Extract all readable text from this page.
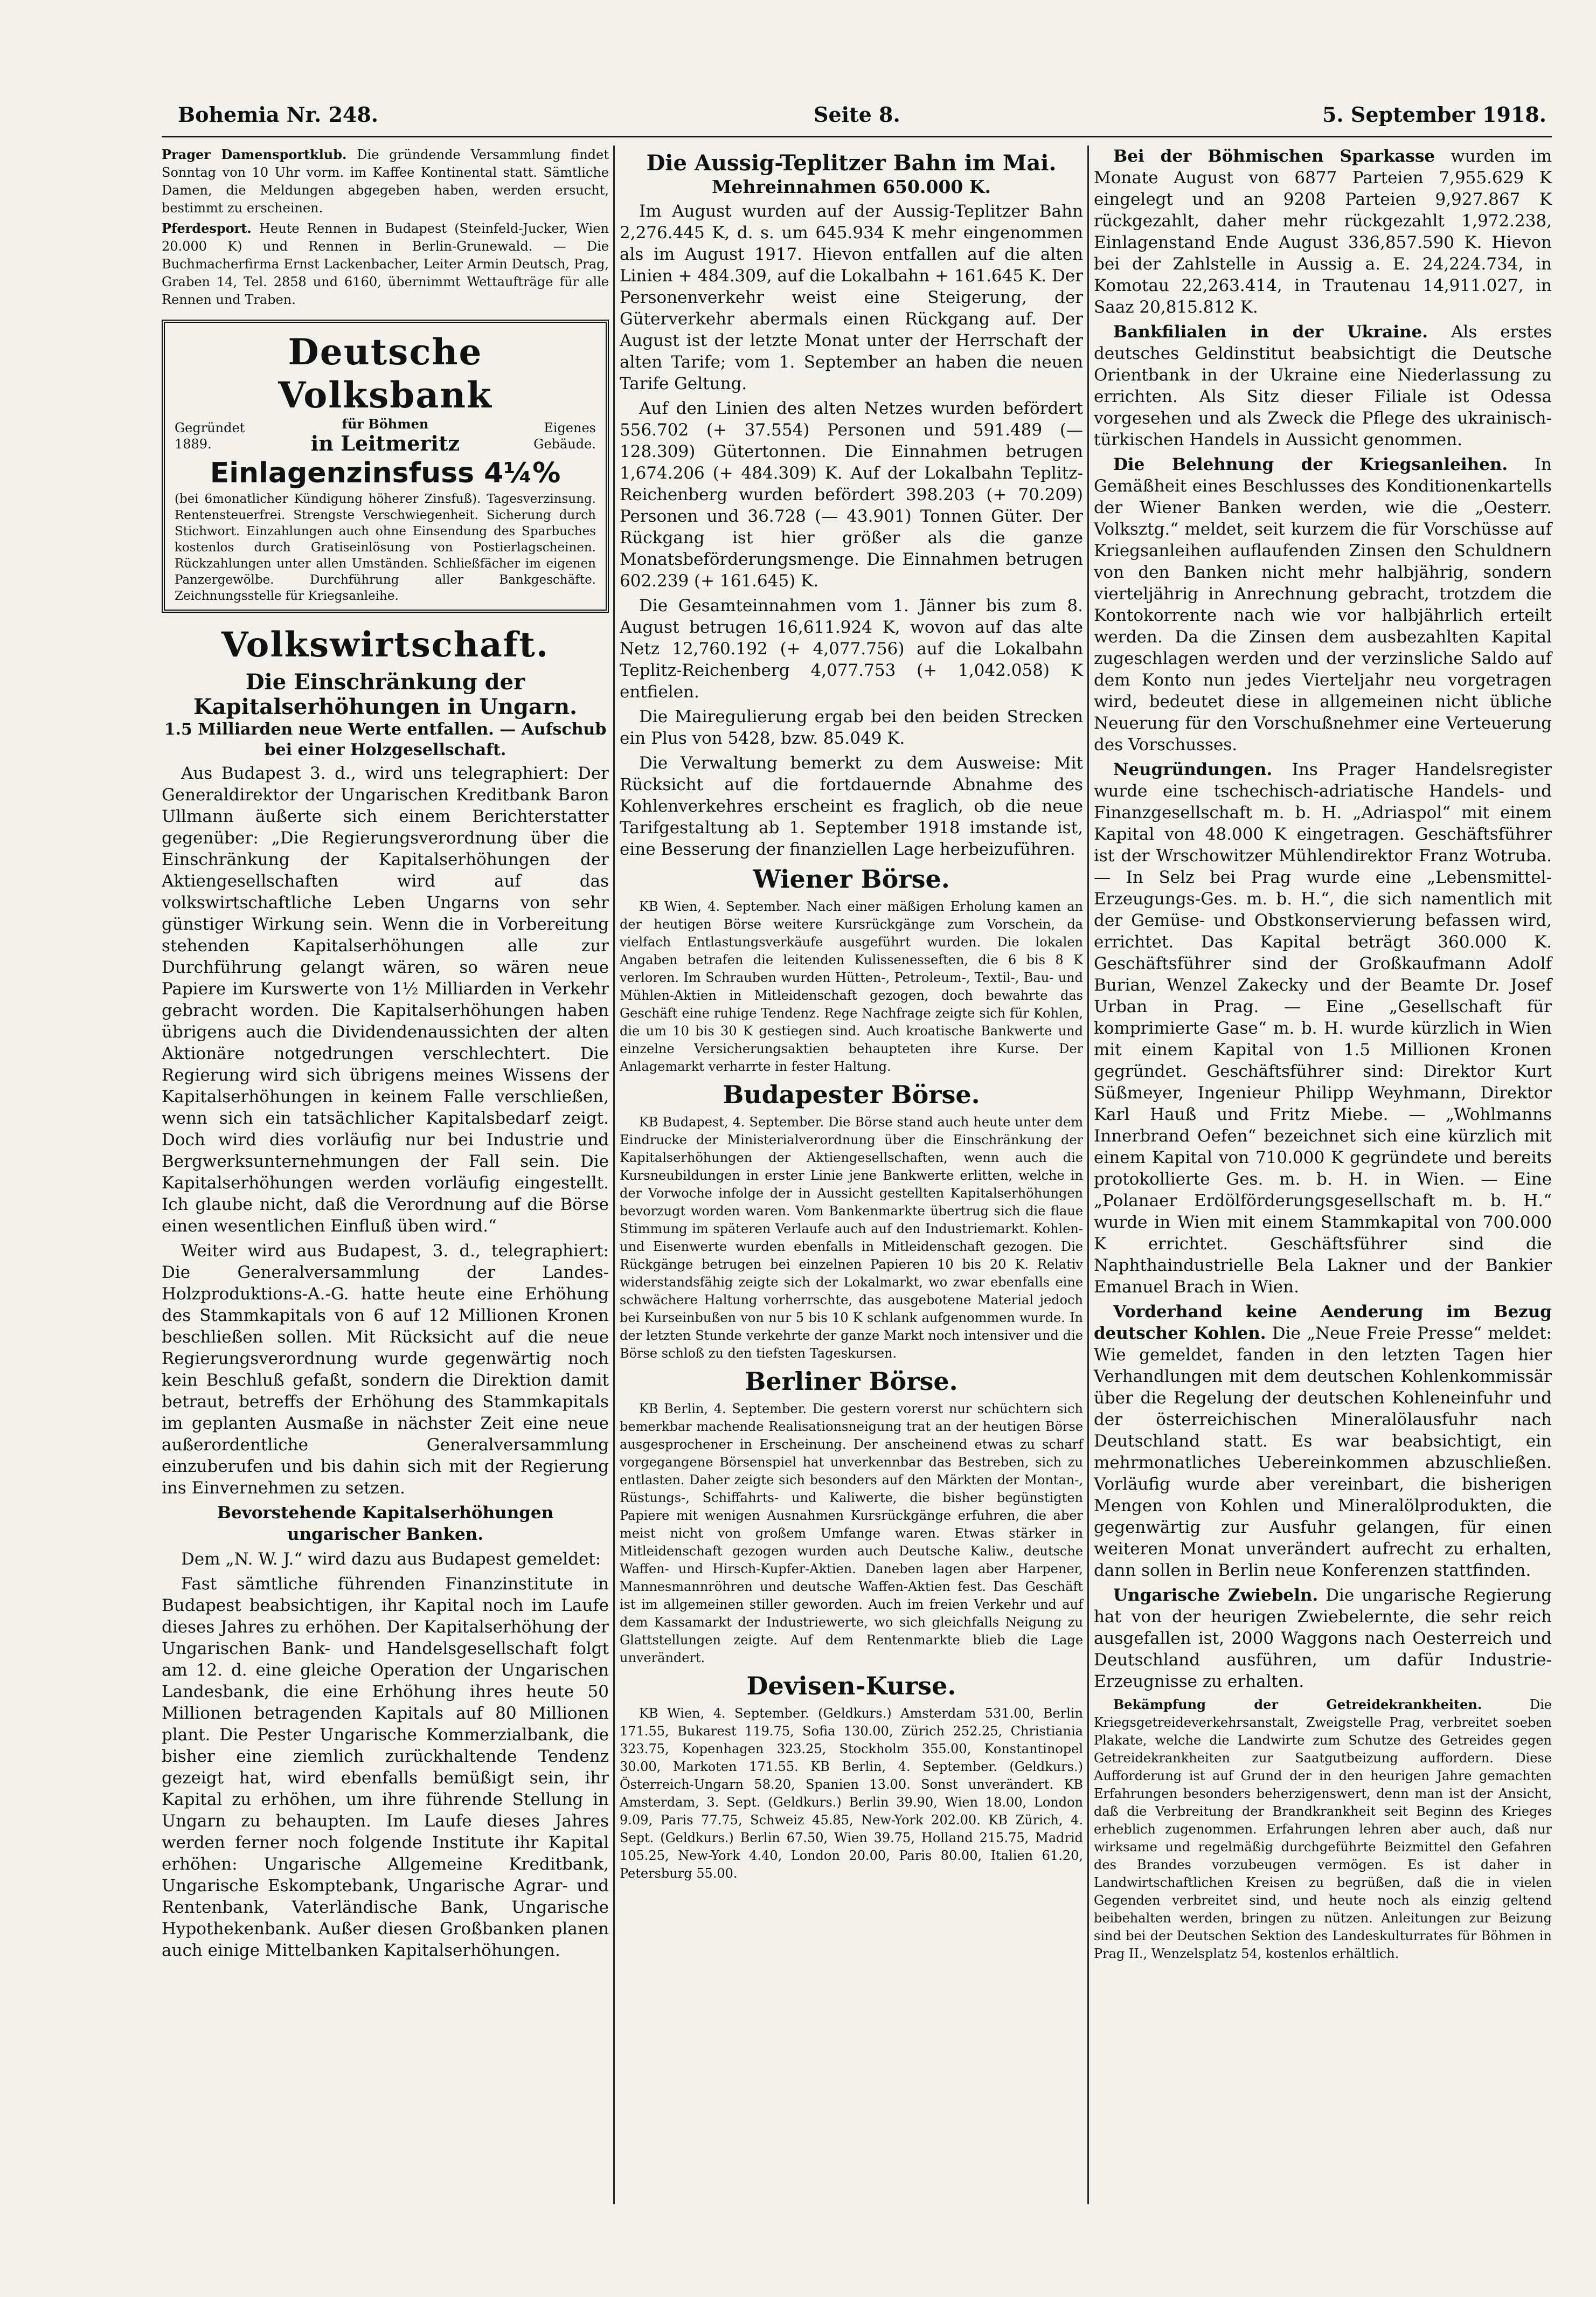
Bohemia Nr. 248.	Seite 8.	5. September 1918.

Prager Damensportklub. Die gründende Versammlung findet Sonntag von 10 Uhr vorm. im Kaffee Kontinental statt. Sämtliche Damen, die Meldungen abgegeben haben, werden ersucht, bestimmt zu erscheinen.

Pferdesport. Heute Rennen in Budapest (Steinfeld-Jucker, Wien 20.000 K) und Rennen in Berlin-Grunewald. — Die Buchmacherfirma Ernst Lackenbacher, Leiter Armin Deutsch, Prag, Graben 14, Tel. 2858 und 6160, übernimmt Wettaufträge für alle Rennen und Traben.

Deutsche Volksbank
Gegründet 1889.
für Böhmen
in Leitmeritz
Eigenes Gebäude.
Einlagenzinsfuss 4¼%
(bei 6monatlicher Kündigung höherer Zinsfuß). Tagesverzinsung. Rentensteuerfrei. Strengste Verschwiegenheit. Sicherung durch Stichwort. Einzahlungen auch ohne Einsendung des Sparbuches kostenlos durch Gratiseinlösung von Postierlagscheinen. Rückzahlungen unter allen Umständen. Schließfächer im eigenen Panzergewölbe. Durchführung aller Bankgeschäfte. Zeichnungsstelle für Kriegsanleihe.
Volkswirtschaft.
Die Einschränkung der Kapitalserhöhungen in Ungarn.
1.5 Milliarden neue Werte entfallen. — Aufschub bei einer Holzgesellschaft.

Aus Budapest 3. d., wird uns telegraphiert: Der Generaldirektor der Ungarischen Kreditbank Baron Ullmann äußerte sich einem Berichterstatter gegenüber: „Die Regierungsverordnung über die Einschränkung der Kapitalserhöhungen der Aktiengesellschaften wird auf das volkswirtschaftliche Leben Ungarns von sehr günstiger Wirkung sein. Wenn die in Vorbereitung stehenden Kapitalserhöhungen alle zur Durchführung gelangt wären, so wären neue Papiere im Kurswerte von 1½ Milliarden in Verkehr gebracht worden. Die Kapitalserhöhungen haben übrigens auch die Dividendenaussichten der alten Aktionäre notgedrungen verschlechtert. Die Regierung wird sich übrigens meines Wissens der Kapitalserhöhungen in keinem Falle verschließen, wenn sich ein tatsächlicher Kapitalsbedarf zeigt. Doch wird dies vorläufig nur bei Industrie und Bergwerksunternehmungen der Fall sein. Die Kapitalserhöhungen werden vorläufig eingestellt. Ich glaube nicht, daß die Verordnung auf die Börse einen wesentlichen Einfluß üben wird.“

Weiter wird aus Budapest, 3. d., telegraphiert: Die Generalversammlung der Landes-Holzproduktions-A.-G. hatte heute eine Erhöhung des Stammkapitals von 6 auf 12 Millionen Kronen beschließen sollen. Mit Rücksicht auf die neue Regierungsverordnung wurde gegenwärtig noch kein Beschluß gefaßt, sondern die Direktion damit betraut, betreffs der Erhöhung des Stammkapitals im geplanten Ausmaße in nächster Zeit eine neue außerordentliche Generalversammlung einzuberufen und bis dahin sich mit der Regierung ins Einvernehmen zu setzen.

Bevorstehende Kapitalserhöhungen ungarischer Banken.

Dem „N. W. J.“ wird dazu aus Budapest gemeldet:

Fast sämtliche führenden Finanzinstitute in Budapest beabsichtigen, ihr Kapital noch im Laufe dieses Jahres zu erhöhen. Der Kapitalserhöhung der Ungarischen Bank- und Handelsgesellschaft folgt am 12. d. eine gleiche Operation der Ungarischen Landesbank, die eine Erhöhung ihres heute 50 Millionen betragenden Kapitals auf 80 Millionen plant. Die Pester Ungarische Kommerzialbank, die bisher eine ziemlich zurückhaltende Tendenz gezeigt hat, wird ebenfalls bemüßigt sein, ihr Kapital zu erhöhen, um ihre führende Stellung in Ungarn zu behaupten. Im Laufe dieses Jahres werden ferner noch folgende Institute ihr Kapital erhöhen: Ungarische Allgemeine Kreditbank, Ungarische Eskomptebank, Ungarische Agrar- und Rentenbank, Vaterländische Bank, Ungarische Hypothekenbank. Außer diesen Großbanken planen auch einige Mittelbanken Kapitalserhöhungen.

Die Aussig-Teplitzer Bahn im Mai.
Mehreinnahmen 650.000 K.

Im August wurden auf der Aussig-Teplitzer Bahn 2,276.445 K, d. s. um 645.934 K mehr eingenommen als im August 1917. Hievon entfallen auf die alten Linien + 484.309, auf die Lokalbahn + 161.645 K. Der Personenverkehr weist eine Steigerung, der Güterverkehr abermals einen Rückgang auf. Der August ist der letzte Monat unter der Herrschaft der alten Tarife; vom 1. September an haben die neuen Tarife Geltung.

Auf den Linien des alten Netzes wurden befördert 556.702 (+ 37.554) Personen und 591.489 (— 128.309) Gütertonnen. Die Einnahmen betrugen 1,674.206 (+ 484.309) K. Auf der Lokalbahn Teplitz-Reichenberg wurden befördert 398.203 (+ 70.209) Personen und 36.728 (— 43.901) Tonnen Güter. Der Rückgang ist hier größer als die ganze Monatsbeförderungsmenge. Die Einnahmen betrugen 602.239 (+ 161.645) K.

Die Gesamteinnahmen vom 1. Jänner bis zum 8. August betrugen 16,611.924 K, wovon auf das alte Netz 12,760.192 (+ 4,077.756) auf die Lokalbahn Teplitz-Reichenberg 4,077.753 (+ 1,042.058) K entfielen.

Die Mairegulierung ergab bei den beiden Strecken ein Plus von 5428, bzw. 85.049 K.

Die Verwaltung bemerkt zu dem Ausweise: Mit Rücksicht auf die fortdauernde Abnahme des Kohlenverkehres erscheint es fraglich, ob die neue Tarifgestaltung ab 1. September 1918 imstande ist, eine Besserung der finanziellen Lage herbeizuführen.

Wiener Börse.

KB Wien, 4. September. Nach einer mäßigen Erholung kamen an der heutigen Börse weitere Kursrückgänge zum Vorschein, da vielfach Entlastungsverkäufe ausgeführt wurden. Die lokalen Angaben betrafen die leitenden Kulissenesseften, die 6 bis 8 K verloren. Im Schrauben wurden Hütten-, Petroleum-, Textil-, Bau- und Mühlen-Aktien in Mitleidenschaft gezogen, doch bewahrte das Geschäft eine ruhige Tendenz. Rege Nachfrage zeigte sich für Kohlen, die um 10 bis 30 K gestiegen sind. Auch kroatische Bankwerte und einzelne Versicherungsaktien behaupteten ihre Kurse. Der Anlagemarkt verharrte in fester Haltung.

Budapester Börse.

KB Budapest, 4. September. Die Börse stand auch heute unter dem Eindrucke der Ministerialverordnung über die Einschränkung der Kapitalserhöhungen der Aktiengesellschaften, wenn auch die Kursneubildungen in erster Linie jene Bankwerte erlitten, welche in der Vorwoche infolge der in Aussicht gestellten Kapitalserhöhungen bevorzugt worden waren. Vom Bankenmarkte übertrug sich die flaue Stimmung im späteren Verlaufe auch auf den Industriemarkt. Kohlen- und Eisenwerte wurden ebenfalls in Mitleidenschaft gezogen. Die Rückgänge betrugen bei einzelnen Papieren 10 bis 20 K. Relativ widerstandsfähig zeigte sich der Lokalmarkt, wo zwar ebenfalls eine schwächere Haltung vorherrschte, das ausgebotene Material jedoch bei Kurseinbußen von nur 5 bis 10 K schlank aufgenommen wurde. In der letzten Stunde verkehrte der ganze Markt noch intensiver und die Börse schloß zu den tiefsten Tageskursen.

Berliner Börse.

KB Berlin, 4. September. Die gestern vorerst nur schüchtern sich bemerkbar machende Realisationsneigung trat an der heutigen Börse ausgesprochener in Erscheinung. Der anscheinend etwas zu scharf vorgegangene Börsenspiel hat unverkennbar das Bestreben, sich zu entlasten. Daher zeigte sich besonders auf den Märkten der Montan-, Rüstungs-, Schiffahrts- und Kaliwerte, die bisher begünstigten Papiere mit wenigen Ausnahmen Kursrückgänge erfuhren, die aber meist nicht von großem Umfange waren. Etwas stärker in Mitleidenschaft gezogen wurden auch Deutsche Kaliw., deutsche Waffen- und Hirsch-Kupfer-Aktien. Daneben lagen aber Harpener, Mannesmannröhren und deutsche Waffen-Aktien fest. Das Geschäft ist im allgemeinen stiller geworden. Auch im freien Verkehr und auf dem Kassamarkt der Industriewerte, wo sich gleichfalls Neigung zu Glattstellungen zeigte. Auf dem Rentenmarkte blieb die Lage unverändert.

Devisen-Kurse.

KB Wien, 4. September. (Geldkurs.) Amsterdam 531.00, Berlin 171.55, Bukarest 119.75, Sofia 130.00, Zürich 252.25, Christiania 323.75, Kopenhagen 323.25, Stockholm 355.00, Konstantinopel 30.00, Markoten 171.55. KB Berlin, 4. September. (Geldkurs.) Österreich-Ungarn 58.20, Spanien 13.00. Sonst unverändert. KB Amsterdam, 3. Sept. (Geldkurs.) Berlin 39.90, Wien 18.00, London 9.09, Paris 77.75, Schweiz 45.85, New-York 202.00. KB Zürich, 4. Sept. (Geldkurs.) Berlin 67.50, Wien 39.75, Holland 215.75, Madrid 105.25, New-York 4.40, London 20.00, Paris 80.00, Italien 61.20, Petersburg 55.00.

Bei der Böhmischen Sparkasse wurden im Monate August von 6877 Parteien 7,955.629 K eingelegt und an 9208 Parteien 9,927.867 K rückgezahlt, daher mehr rückgezahlt 1,972.238, Einlagenstand Ende August 336,857.590 K. Hievon bei der Zahlstelle in Aussig a. E. 24,224.734, in Komotau 22,263.414, in Trautenau 14,911.027, in Saaz 20,815.812 K.

Bankfilialen in der Ukraine. Als erstes deutsches Geldinstitut beabsichtigt die Deutsche Orientbank in der Ukraine eine Niederlassung zu errichten. Als Sitz dieser Filiale ist Odessa vorgesehen und als Zweck die Pflege des ukrainisch-türkischen Handels in Aussicht genommen.

Die Belehnung der Kriegsanleihen. In Gemäßheit eines Beschlusses des Konditionenkartells der Wiener Banken werden, wie die „Oesterr. Volksztg.“ meldet, seit kurzem die für Vorschüsse auf Kriegsanleihen auflaufenden Zinsen den Schuldnern von den Banken nicht mehr halbjährig, sondern vierteljährig in Anrechnung gebracht, trotzdem die Kontokorrente nach wie vor halbjährlich erteilt werden. Da die Zinsen dem ausbezahlten Kapital zugeschlagen werden und der verzinsliche Saldo auf dem Konto nun jedes Vierteljahr neu vorgetragen wird, bedeutet diese in allgemeinen nicht übliche Neuerung für den Vorschußnehmer eine Verteuerung des Vorschusses.

Neugründungen. Ins Prager Handelsregister wurde eine tschechisch-adriatische Handels- und Finanzgesellschaft m. b. H. „Adriaspol“ mit einem Kapital von 48.000 K eingetragen. Geschäftsführer ist der Wrschowitzer Mühlendirektor Franz Wotruba. — In Selz bei Prag wurde eine „Lebensmittel-Erzeugungs-Ges. m. b. H.“, die sich namentlich mit der Gemüse- und Obstkonservierung befassen wird, errichtet. Das Kapital beträgt 360.000 K. Geschäftsführer sind der Großkaufmann Adolf Burian, Wenzel Zakecky und der Beamte Dr. Josef Urban in Prag. — Eine „Gesellschaft für komprimierte Gase“ m. b. H. wurde kürzlich in Wien mit einem Kapital von 1.5 Millionen Kronen gegründet. Geschäftsführer sind: Direktor Kurt Süßmeyer, Ingenieur Philipp Weyhmann, Direktor Karl Hauß und Fritz Miebe. — „Wohlmanns Innerbrand Oefen“ bezeichnet sich eine kürzlich mit einem Kapital von 710.000 K gegründete und bereits protokollierte Ges. m. b. H. in Wien. — Eine „Polanaer Erdölförderungsgesellschaft m. b. H.“ wurde in Wien mit einem Stammkapital von 700.000 K errichtet. Geschäftsführer sind die Naphthaindustrielle Bela Lakner und der Bankier Emanuel Brach in Wien.

Vorderhand keine Aenderung im Bezug deutscher Kohlen. Die „Neue Freie Presse“ meldet: Wie gemeldet, fanden in den letzten Tagen hier Verhandlungen mit dem deutschen Kohlenkommissär über die Regelung der deutschen Kohleneinfuhr und der österreichischen Mineralölausfuhr nach Deutschland statt. Es war beabsichtigt, ein mehrmonatliches Uebereinkommen abzuschließen. Vorläufig wurde aber vereinbart, die bisherigen Mengen von Kohlen und Mineralölprodukten, die gegenwärtig zur Ausfuhr gelangen, für einen weiteren Monat unverändert aufrecht zu erhalten, dann sollen in Berlin neue Konferenzen stattfinden.

Ungarische Zwiebeln. Die ungarische Regierung hat von der heurigen Zwiebelernte, die sehr reich ausgefallen ist, 2000 Waggons nach Oesterreich und Deutschland ausführen, um dafür Industrie-Erzeugnisse zu erhalten.

Bekämpfung der Getreidekrankheiten.	Die Kriegsgetreideverkehrsanstalt, Zweigstelle Prag, verbreitet soeben Plakate, welche die Landwirte zum Schutze des Getreides gegen Getreidekrankheiten zur Saatgutbeizung auffordern. Diese Aufforderung ist auf Grund der in den heurigen Jahre gemachten Erfahrungen besonders beherzigenswert, denn man ist der Ansicht, daß die Verbreitung der Brandkrankheit seit Beginn des Krieges erheblich zugenommen. Erfahrungen lehren aber auch, daß nur wirksame und regelmäßig durchgeführte Beizmittel den Gefahren des Brandes vorzubeugen vermögen. Es ist daher in Landwirtschaftlichen Kreisen zu begrüßen, daß die in vielen Gegenden verbreitet sind, und heute noch als einzig geltend beibehalten werden, bringen zu nützen. Anleitungen zur Beizung sind bei der Deutschen Sektion des Landeskulturrates für Böhmen in Prag II., Wenzelsplatz 54, kostenlos erhältlich.
